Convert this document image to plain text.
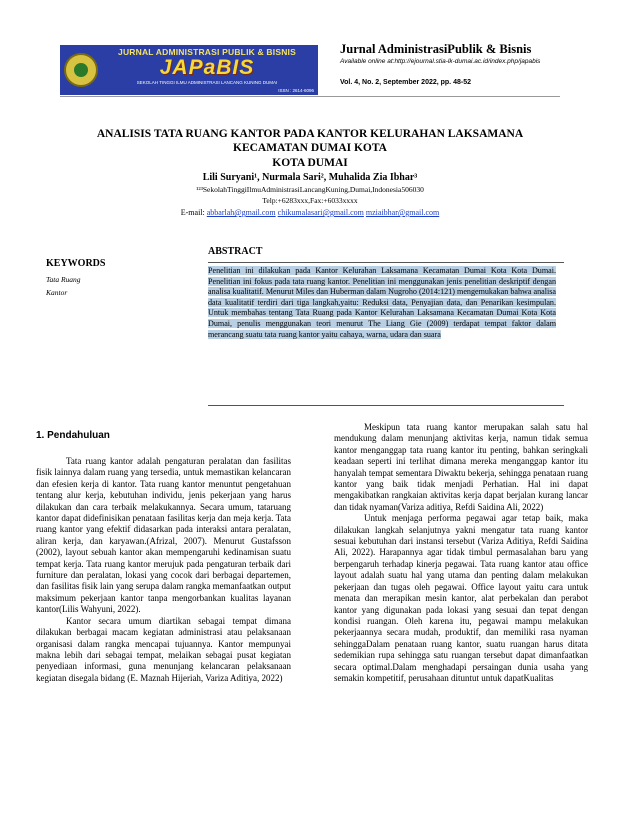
JURNAL ADMINISTRASI PUBLIK & BISNIS
JAPaBIS
SEKOLAH TINGGI ILMU ADMINISTRASI LANCANG KUNING DUMAI
ISSN : 2614-6096
Jurnal AdministrasiPublik & Bisnis
Available online at:http://ejournal.stia-lk-dumai.ac.id/index.php/japabis
Vol. 4, No. 2, September 2022, pp. 48-52
ANALISIS TATA RUANG KANTOR PADA KANTOR KELURAHAN LAKSAMANA
KECAMATAN DUMAI KOTA
KOTA DUMAI
Lili Suryani¹, Nurmala Sari², Muhalida Zia Ibhar³
¹²³SekolahTinggiIlmuAdministrasiLancangKuning,Dumai,Indonesia506030
Telp:+6283xxx,Fax:+6033xxxx
E-mail: abbarlah@gmail.com chikumalasari@gmail.com mziaibhar@gmail.com
KEYWORDS
Tata Ruang
Kantor
ABSTRACT
Penelitian ini dilakukan pada Kantor Kelurahan Laksamana Kecamatan Dumai Kota Kota Dumai. Penelitian ini fokus pada tata ruang kantor. Penelitian ini menggunakan jenis penelitian deskriptif dengan analisa kualitatif. Menurut Miles dan Huberman dalam Nugroho (2014:121) mengemukakan bahwa analisa data kualitatif terdiri dari tiga langkah,yaitu: Reduksi data, Penyajian data, dan Penarikan kesimpulan. Untuk membahas tentang Tata Ruang pada Kantor Kelurahan Laksamana Kecamatan Dumai Kota Kota Dumai, penulis menggunakan teori menurut The Liang Gie (2009) terdapat tempat faktor dalam merancang suatu tata ruang kantor yaitu cahaya, warna, udara dan suara
1. Pendahuluan

Tata ruang kantor adalah pengaturan peralatan dan fasilitas fisik lainnya dalam ruang yang tersedia, untuk memastikan kelancaran dan efesien kerja di kantor. Tata ruang kantor menuntut pengetahuan tentang alur kerja, kebutuhan individu, jenis pekerjaan yang harus dilakukan dan cara terbaik melakukannya. Secara umum, tataruang kantor dapat didefinisikan penataan fasilitas kerja dan meja kerja. Tata ruang kantor yang efektif didasarkan pada interaksi antara peralatan, aliran kerja, dan karyawan.(Afrizal, 2007). Menurut Gustafsson (2002), layout sebuah kantor akan mempengaruhi kedinamisan suatu tempat kerja. Tata ruang kantor merujuk pada pengaturan terbaik dari furniture dan peralatan, lokasi yang cocok dari berbagai departemen, dan fasilitas fisik lain yang serupa dalam rangka memanfaatkan output maksimum pekerjaan kantor tanpa mengorbankan kualitas layanan kantor(Lilis Wahyuni, 2022).

Kantor secara umum diartikan sebagai tempat dimana dilakukan berbagai macam kegiatan administrasi atau pelaksanaan organisasi dalam rangka mencapai tujuannya. Kantor mempunyai makna lebih dari sebagai tempat, melaikan sebagai pusat kegiatan penyediaan informasi, guna menunjang kelancaran pelaksanaan kegiatan disegala bidang (E. Maznah Hijeriah, Variza Aditiya, 2022)

Meskipun tata ruang kantor merupakan salah satu hal mendukung dalam menunjang aktivitas kerja, namun tidak semua kantor menganggap tata ruang kantor itu penting, bahkan seringkali keadaan seperti ini terlihat dimana mereka menganggap kantor itu hanyalah tempat sementara Diwaktu bekerja, sehingga penataan ruang kantor yang baik tidak menjadi Perhatian. Hal ini dapat mengakibatkan rangkaian aktivitas kerja dapat berjalan kurang lancar dan tidak nyaman(Variza aditiya, Refdi Saidina Ali, 2022)

Untuk menjaga performa pegawai agar tetap baik, maka dilakukan langkah selanjutnya yakni mengatur tata ruang kantor sesuai kebutuhan dari instansi tersebut (Variza Aditiya, Refdi Saidina Ali, 2022). Harapannya agar tidak timbul permasalahan baru yang berpengaruh terhadap kinerja pegawai. Tata ruang kantor atau office layout adalah suatu hal yang utama dan penting dalam melakukan pekerjaan dan tugas oleh pegawai. Office layout yaitu cara untuk menata dan merapikan mesin kantor, alat perbekalan dan perabot kantor yang digunakan pada lokasi yang sesuai dan tepat dengan kondisi ruangan. Oleh karena itu, pegawai mampu melakukan pekerjaannya secara mudah, produktif, dan memiliki rasa nyaman sehinggaDalam penataan ruang kantor, suatu ruangan harus ditata sedemikian rupa sehingga satu ruangan tersebut dapat dimanfaatkan secara optimal.Dalam menghadapi persaingan dunia usaha yang semakin kompetitif, perusahaan dituntut untuk dapatKualitas
